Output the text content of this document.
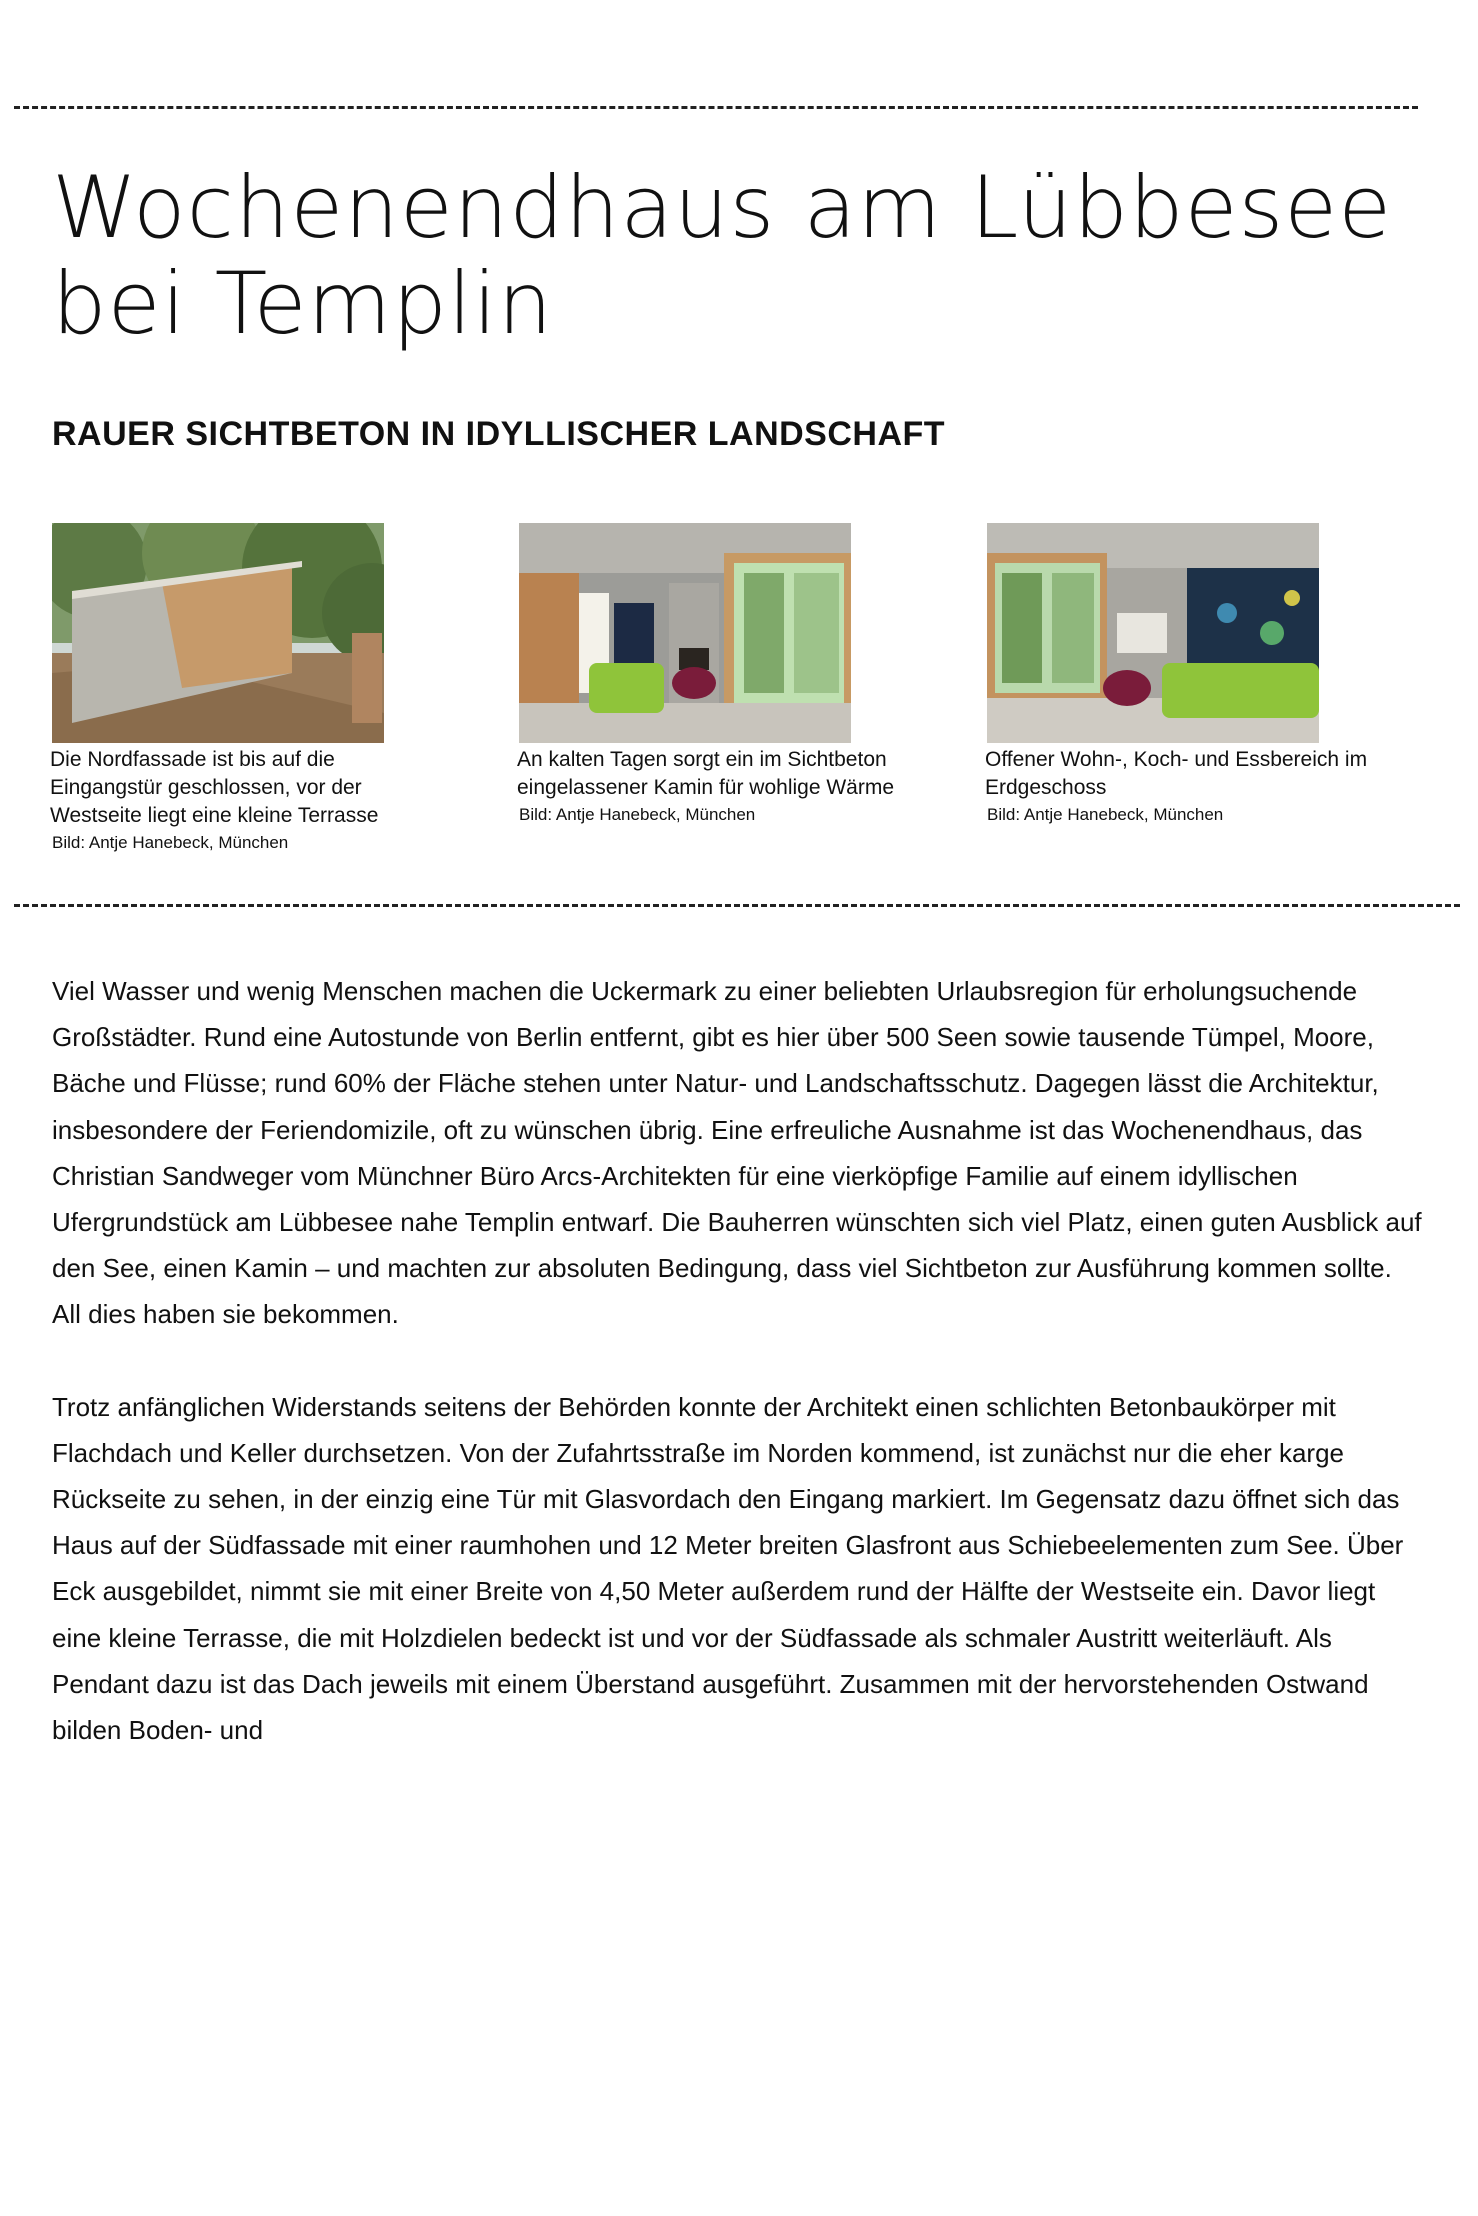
Wochenendhaus am Lübbesee bei Templin
RAUER SICHTBETON IN IDYLLISCHER LANDSCHAFT
Die Nordfassade ist bis auf die Eingangstür geschlossen, vor der Westseite liegt eine kleine Terrasse
Bild: Antje Hanebeck, München
An kalten Tagen sorgt ein im Sichtbeton eingelassener Kamin für wohlige Wärme
Bild: Antje Hanebeck, München
Offener Wohn-, Koch- und Essbereich im Erdgeschoss
Bild: Antje Hanebeck, München

Viel Wasser und wenig Menschen machen die Uckermark zu einer beliebten Urlaubsregion für erholungsuchende Großstädter. Rund eine Autostunde von Berlin entfernt, gibt es hier über 500 Seen sowie tausende Tümpel, Moore, Bäche und Flüsse; rund 60% der Fläche stehen unter Natur- und Landschaftsschutz. Dagegen lässt die Architektur, insbesondere der Feriendomizile, oft zu wünschen übrig. Eine erfreuliche Ausnahme ist das Wochenendhaus, das Christian Sandweger vom Münchner Büro Arcs-Architekten für eine vierköpfige Familie auf einem idyllischen Ufergrundstück am Lübbesee nahe Templin entwarf. Die Bauherren wünschten sich viel Platz, einen guten Ausblick auf den See, einen Kamin – und machten zur absoluten Bedingung, dass viel Sichtbeton zur Ausführung kommen sollte. All dies haben sie bekommen.

Trotz anfänglichen Widerstands seitens der Behörden konnte der Architekt einen schlichten Betonbaukörper mit Flachdach und Keller durchsetzen. Von der Zufahrtsstraße im Norden kommend, ist zunächst nur die eher karge Rückseite zu sehen, in der einzig eine Tür mit Glasvordach den Eingang markiert. Im Gegensatz dazu öffnet sich das Haus auf der Südfassade mit einer raumhohen und 12 Meter breiten Glasfront aus Schiebeelementen zum See. Über Eck ausgebildet, nimmt sie mit einer Breite von 4,50 Meter außerdem rund der Hälfte der Westseite ein. Davor liegt eine kleine Terrasse, die mit Holzdielen bedeckt ist und vor der Südfassade als schmaler Austritt weiterläuft. Als Pendant dazu ist das Dach jeweils mit einem Überstand ausgeführt. Zusammen mit der hervorstehenden Ostwand bilden Boden- und
